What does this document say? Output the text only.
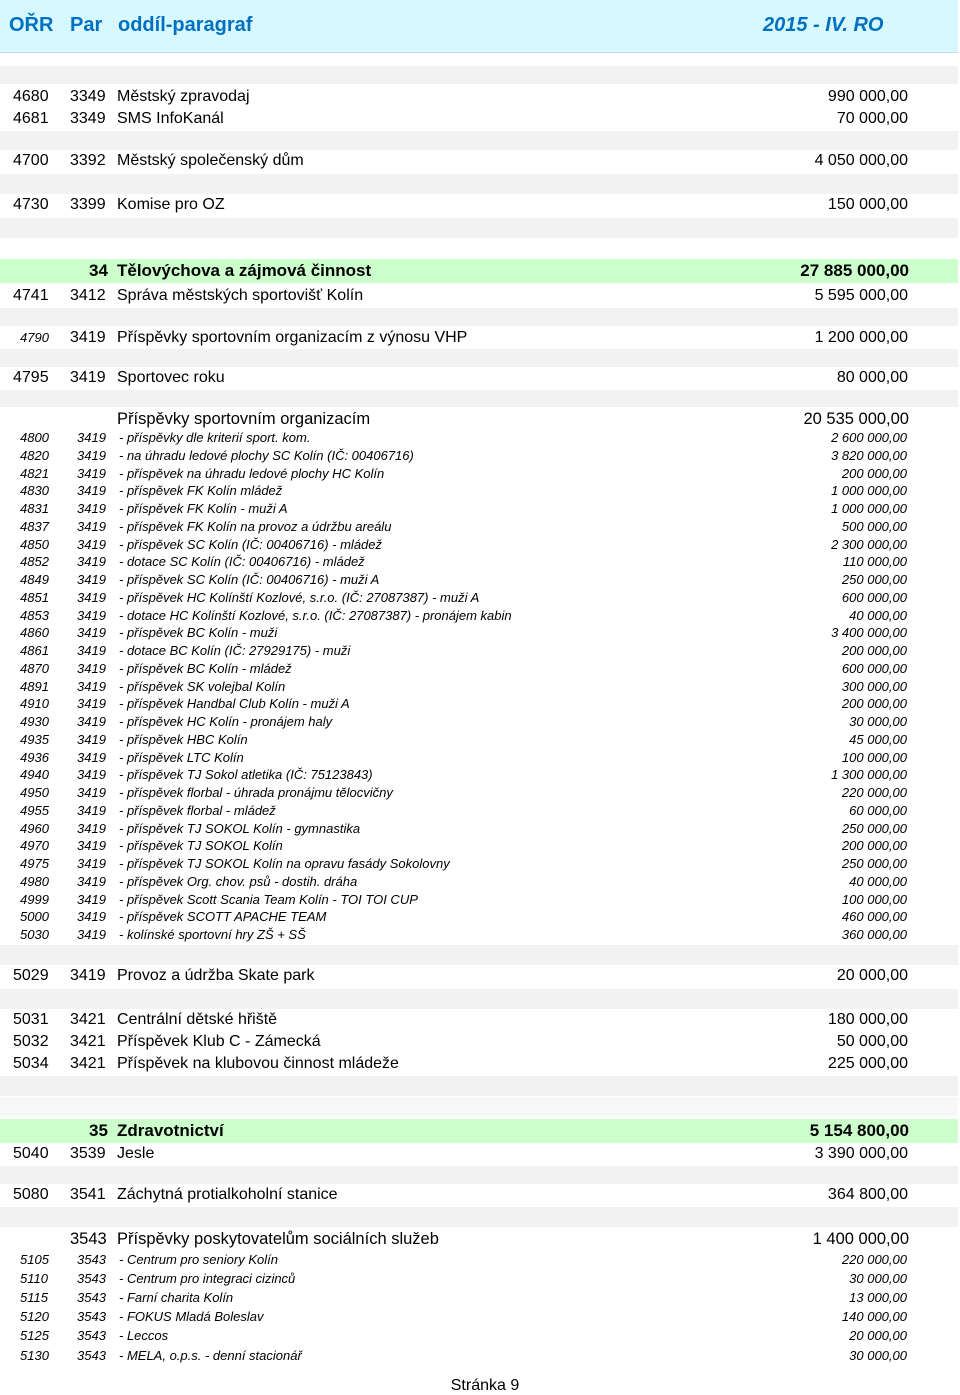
OŘR Par oddíl-paragraf	2015 - IV. RO
4680 3349 Městský zpravodaj	990 000,00
4681 3349 SMS InfoKanál	70 000,00
4700 3392 Městský společenský dům	4 050 000,00
4730 3399 Komise pro OZ	150 000,00
34 Tělovýchova a zájmová činnost	27 885 000,00
4741 3412 Správa městských sportovišť Kolín	5 595 000,00
4790 3419 Příspěvky sportovním organizacím z výnosu VHP	1 200 000,00
4795 3419 Sportovec roku	80 000,00
Příspěvky sportovním organizacím	20 535 000,00
4800 3419 - příspěvky dle kriterií sport. kom.	2 600 000,00
4820 3419 - na úhradu ledové plochy SC Kolín (IČ: 00406716)	3 820 000,00
4821 3419 - příspěvek na úhradu ledové plochy HC Kolín	200 000,00
4830 3419 - příspěvek FK Kolín mládež	1 000 000,00
4831 3419 - příspěvek FK Kolín - muži A	1 000 000,00
4837 3419 - příspěvek FK Kolín na provoz a údržbu areálu	500 000,00
4850 3419 - příspěvek SC Kolín (IČ: 00406716) - mládež	2 300 000,00
4852 3419 - dotace SC Kolín (IČ: 00406716) - mládež	110 000,00
4849 3419 - příspěvek SC Kolín (IČ: 00406716) - muži A	250 000,00
4851 3419 - příspěvek HC Kolínští Kozlové, s.r.o. (IČ: 27087387) - muži A	600 000,00
4853 3419 - dotace HC Kolínští Kozlové, s.r.o. (IČ: 27087387) - pronájem kabin	40 000,00
4860 3419 - příspěvek BC Kolín - muži	3 400 000,00
4861 3419 - dotace BC Kolín (IČ: 27929175) - muži	200 000,00
4870 3419 - příspěvek BC Kolín - mládež	600 000,00
4891 3419 - příspěvek SK volejbal Kolín	300 000,00
4910 3419 - příspěvek Handbal Club Kolín - muži A	200 000,00
4930 3419 - příspěvek HC Kolín - pronájem haly	30 000,00
4935 3419 - příspěvek HBC Kolín	45 000,00
4936 3419 - příspěvek LTC Kolín	100 000,00
4940 3419 - příspěvek TJ Sokol atletika (IČ: 75123843)	1 300 000,00
4950 3419 - příspěvek florbal - úhrada pronájmu tělocvičny	220 000,00
4955 3419 - příspěvek florbal - mládež	60 000,00
4960 3419 - příspěvek TJ SOKOL Kolín - gymnastika	250 000,00
4970 3419 - příspěvek TJ SOKOL Kolín	200 000,00
4975 3419 - příspěvek TJ SOKOL Kolín na opravu fasády Sokolovny	250 000,00
4980 3419 - příspěvek Org. chov. psů - dostih. dráha	40 000,00
4999 3419 - příspěvek Scott Scania Team Kolín - TOI TOI CUP	100 000,00
5000 3419 - příspěvek SCOTT APACHE TEAM	460 000,00
5030 3419 - kolínské sportovní hry ZŠ + SŠ	360 000,00
5029 3419 Provoz a údržba Skate park	20 000,00
5031 3421 Centrální dětské hřiště	180 000,00
5032 3421 Příspěvek Klub C - Zámecká	50 000,00
5034 3421 Příspěvek na klubovou činnost mládeže	225 000,00
35 Zdravotnictví	5 154 800,00
5040 3539 Jesle	3 390 000,00
5080 3541 Záchytná protialkoholní stanice	364 800,00
3543 Příspěvky poskytovatelům sociálních služeb	1 400 000,00
5105 3543 - Centrum pro seniory Kolín	220 000,00
5110 3543 - Centrum pro integraci cizinců	30 000,00
5115 3543 - Farní charita Kolín	13 000,00
5120 3543 - FOKUS Mladá Boleslav	140 000,00
5125 3543 - Leccos	20 000,00
5130 3543 - MELA, o.p.s. - denní stacionář	30 000,00
Stránka 9
